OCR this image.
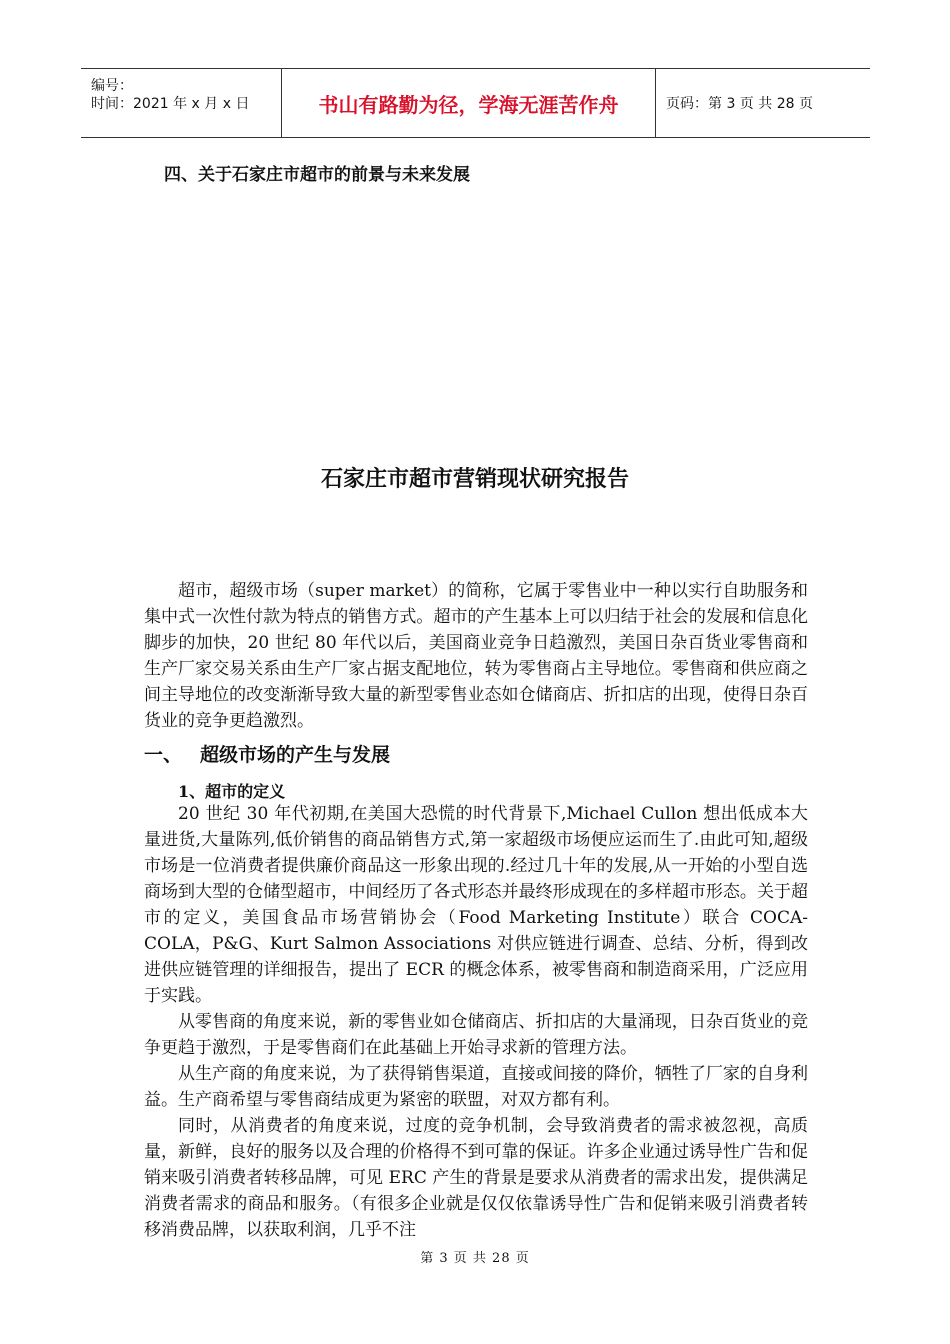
编号：
时间：2021 年 x 月 x 日	书山有路勤为径，学海无涯苦作舟	页码：第 3 页 共 28 页
四、关于石家庄市超市的前景与未来发展
石家庄市超市营销现状研究报告

超市，超级市场（super market）的简称，它属于零售业中一种以实行自助服务和集中式一次性付款为特点的销售方式。超市的产生基本上可以归结于社会的发展和信息化脚步的加快，20 世纪 80 年代以后，美国商业竞争日趋激烈，美国日杂百货业零售商和生产厂家交易关系由生产厂家占据支配地位，转为零售商占主导地位。零售商和供应商之间主导地位的改变渐渐导致大量的新型零售业态如仓储商店、折扣店的出现，使得日杂百货业的竞争更趋激烈。

一、 超级市场的产生与发展
1、超市的定义

20 世纪 30 年代初期,在美国大恐慌的时代背景下,Michael Cullon 想出低成本大量进货,大量陈列,低价销售的商品销售方式,第一家超级市场便应运而生了.由此可知,超级市场是一位消费者提供廉价商品这一形象出现的.经过几十年的发展,从一开始的小型自选商场到大型的仓储型超市，中间经历了各式形态并最终形成现在的多样超市形态。关于超市的定义，美国食品市场营销协会（Food Marketing Institute）联合 COCA-COLA，P&G、Kurt Salmon Associations 对供应链进行调查、总结、分析，得到改进供应链管理的详细报告，提出了 ECR 的概念体系，被零售商和制造商采用，广泛应用于实践。

从零售商的角度来说，新的零售业如仓储商店、折扣店的大量涌现，日杂百货业的竞争更趋于激烈，于是零售商们在此基础上开始寻求新的管理方法。

从生产商的角度来说，为了获得销售渠道，直接或间接的降价，牺牲了厂家的自身利益。生产商希望与零售商结成更为紧密的联盟，对双方都有利。

同时，从消费者的角度来说，过度的竞争机制，会导致消费者的需求被忽视，高质量，新鲜，良好的服务以及合理的价格得不到可靠的保证。许多企业通过诱导性广告和促销来吸引消费者转移品牌，可见 ERC 产生的背景是要求从消费者的需求出发，提供满足消费者需求的商品和服务。（有很多企业就是仅仅依靠诱导性广告和促销来吸引消费者转移消费品牌，以获取利润，几乎不注

第 3 页 共 28 页
